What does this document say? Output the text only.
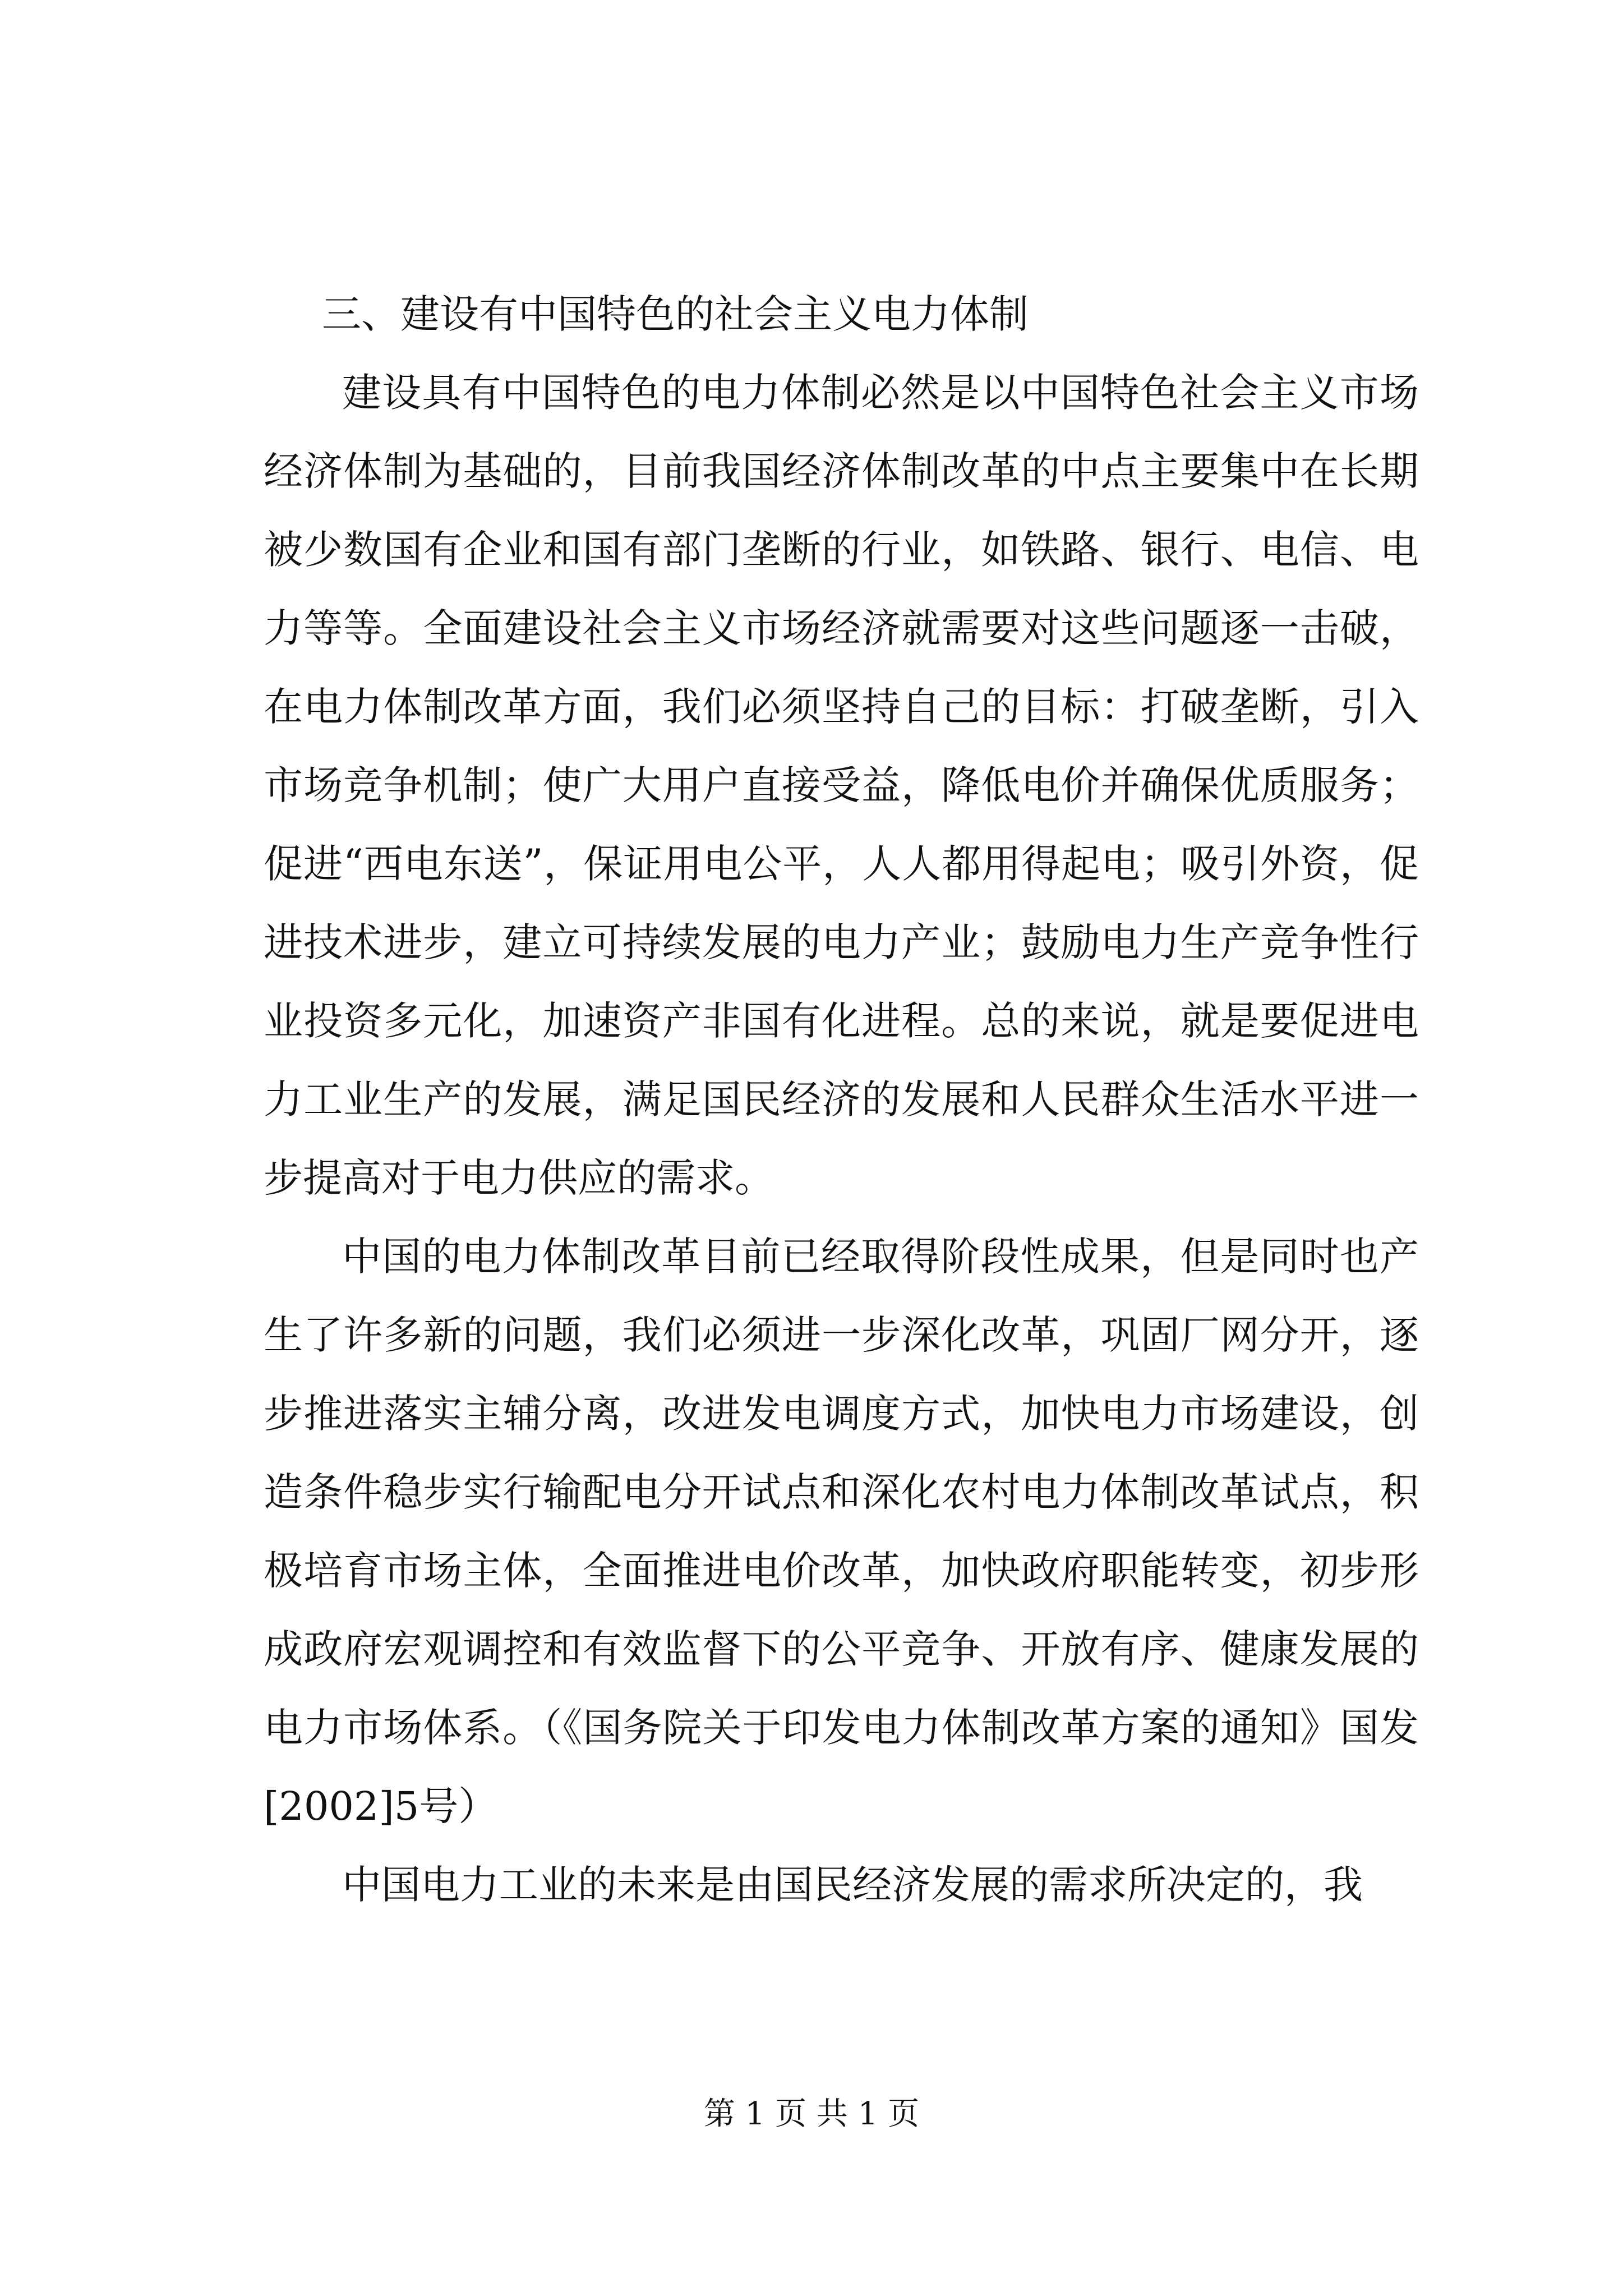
三、建设有中国特色的社会主义电力体制

建设具有中国特色的电力体制必然是以中国特色社会主义市场经济体制为基础的，目前我国经济体制改革的中点主要集中在长期被少数国有企业和国有部门垄断的行业，如铁路、银行、电信、电力等等。全面建设社会主义市场经济就需要对这些问题逐一击破，在电力体制改革方面，我们必须坚持自己的目标：打破垄断，引入市场竞争机制；使广大用户直接受益，降低电价并确保优质服务；促进“西电东送”，保证用电公平，人人都用得起电；吸引外资，促进技术进步，建立可持续发展的电力产业；鼓励电力生产竞争性行业投资多元化，加速资产非国有化进程。总的来说，就是要促进电力工业生产的发展，满足国民经济的发展和人民群众生活水平进一步提高对于电力供应的需求。

中国的电力体制改革目前已经取得阶段性成果，但是同时也产生了许多新的问题，我们必须进一步深化改革，巩固厂网分开，逐步推进落实主辅分离，改进发电调度方式，加快电力市场建设，创造条件稳步实行输配电分开试点和深化农村电力体制改革试点，积极培育市场主体，全面推进电价改革，加快政府职能转变，初步形成政府宏观调控和有效监督下的公平竞争、开放有序、健康发展的电力市场体系。（《国务院关于印发电力体制改革方案的通知》国发[2002]5号）

中国电力工业的未来是由国民经济发展的需求所决定的，我

第 1 页 共 1 页
